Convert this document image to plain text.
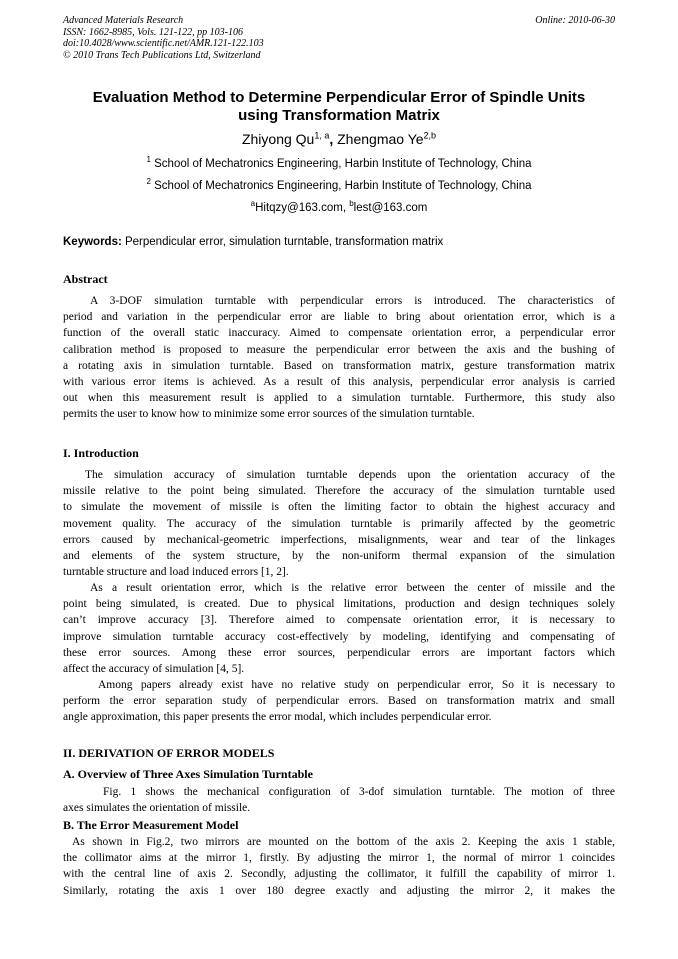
Advanced Materials Research
ISSN: 1662-8985, Vols. 121-122, pp 103-106
doi:10.4028/www.scientific.net/AMR.121-122.103
© 2010 Trans Tech Publications Ltd, Switzerland
Online: 2010-06-30
Evaluation Method to Determine Perpendicular Error of Spindle Units
using Transformation Matrix
Zhiyong Qu$^{1, a}$, Zhengmao Ye$^{2,b}$
$^1$ School of Mechatronics Engineering, Harbin Institute of Technology, China
$^2$ School of Mechatronics Engineering, Harbin Institute of Technology, China
$^a$Hitqzy@163.com, $^b$lest@163.com
Keywords: Perpendicular error, simulation turntable, transformation matrix
Abstract
A 3-DOF simulation turntable with perpendicular errors is introduced. The characteristics of
period and variation in the perpendicular error are liable to bring about orientation error, which is a
function of the overall static inaccuracy. Aimed to compensate orientation error, a perpendicular error
calibration method is proposed to measure the perpendicular error between the axis and the bushing of
a rotating axis in simulation turntable. Based on transformation matrix, gesture transformation matrix
with various error items is achieved. As a result of this analysis, perpendicular error analysis is carried
out when this measurement result is applied to a simulation turntable. Furthermore, this study also
permits the user to know how to minimize some error sources of the simulation turntable.
I. Introduction
The simulation accuracy of simulation turntable depends upon the orientation accuracy of the
missile relative to the point being simulated. Therefore the accuracy of the simulation turntable used
to simulate the movement of missile is often the limiting factor to obtain the highest accuracy and
movement quality. The accuracy of the simulation turntable is primarily affected by the geometric
errors caused by mechanical-geometric imperfections, misalignments, wear and tear of the linkages
and elements of the system structure, by the non-uniform thermal expansion of the simulation
turntable structure and load induced errors [1, 2].
As a result orientation error, which is the relative error between the center of missile and the
point being simulated, is created. Due to physical limitations, production and design techniques solely
can’t improve accuracy [3]. Therefore aimed to compensate orientation error, it is necessary to
improve simulation turntable accuracy cost-effectively by modeling, identifying and compensating of
these error sources. Among these error sources, perpendicular errors are important factors which
affect the accuracy of simulation [4, 5].
Among papers already exist have no relative study on perpendicular error, So it is necessary to
perform the error separation study of perpendicular errors. Based on transformation matrix and small
angle approximation, this paper presents the error modal, which includes perpendicular error.
II. DERIVATION OF ERROR MODELS
A. Overview of Three Axes Simulation Turntable
Fig. 1 shows the mechanical configuration of 3-dof simulation turntable. The motion of three
axes simulates the orientation of missile.
B. The Error Measurement Model
As shown in Fig.2, two mirrors are mounted on the bottom of the axis 2. Keeping the axis 1 stable,
the collimator aims at the mirror 1, firstly. By adjusting the mirror 1, the normal of mirror 1 coincides
with the central line of axis 2. Secondly, adjusting the collimator, it fulfill the capability of mirror 1.
Similarly, rotating the axis 1 over 180 degree exactly and adjusting the mirror 2, it makes the
